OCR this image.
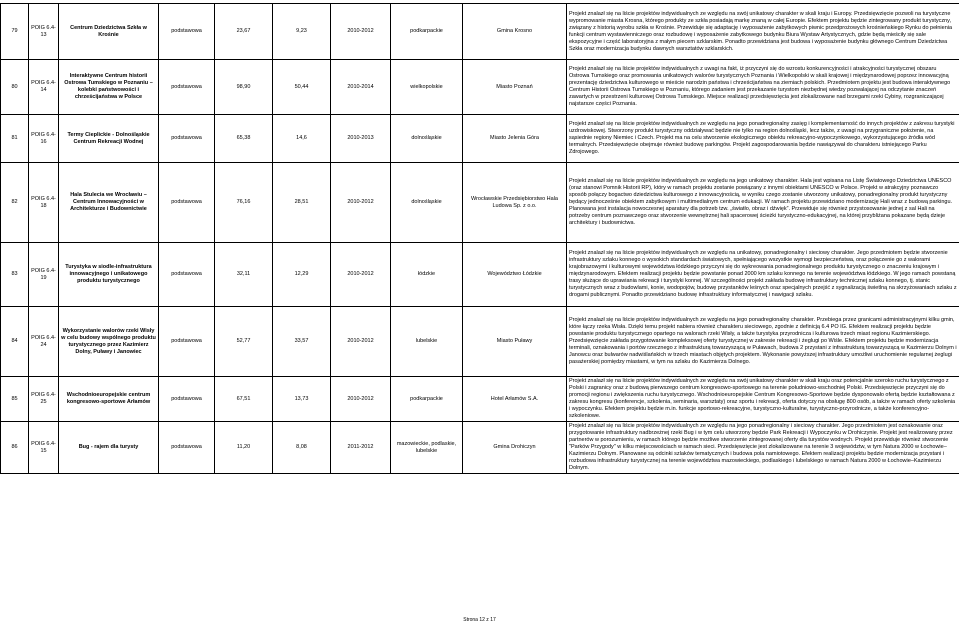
79	POIG 6.4-13	Centrum Dziedzictwa Szkła w Krośnie	podstawowa	23,67	9,23	2010-2012	podkarpackie	Gmina Krosno	Projekt znalazł się na liście projektów indywidualnych ze względu na swój unikatowy charakter w skali kraju i Europy. Przedsięwzięcie pozwoli na turystyczne wypromowanie miasta Krosna, którego produkty ze szkła posiadają markę znaną w całej Europie. Efektem projektu będzie zintegrowany produkt turystyczny, związany z historią wyrobu szkła w Krośnie. Przewiduje się adaptację i wyposażenie zabytkowych piwnic przedprożowych krośnieńskiego Rynku do pełnienia funkcji centrum wystawienniczego oraz rozbudowę i wyposażenie zabytkowego budynku Biura Wystaw Artystycznych, gdzie będą mieściły się sale ekspozycyjne i część laboratoryjna z małym piecem szklarskim. Ponadto przewidziana jest budowa i wyposażenie budynku głównego Centrum Dziedzictwa Szkła oraz modernizacja budynku dawnych warsztatów szklarskich.
80	POIG 6.4-14	Interaktywne Centrum historii Ostrowa Tumskiego w Poznaniu – kolebki państwowości i chrześcijaństwa w Polsce	podstawowa	98,90	50,44	2010-2014	wielkopolskie	Miasto Poznań	Projekt znalazł się na liście projektów indywidualnych z uwagi na fakt, iż przyczyni się do wzrostu konkurencyjności i atrakcyjności turystycznej obszaru Ostrowa Tumskiego oraz promowania unikatowych walorów turystycznych Poznania i Wielkopolski w skali krajowej i międzynarodowej poprzez innowacyjną prezentację dziedzictwa kulturowego w mieście narodzin państwa i chrześcijaństwa na ziemiach polskich. Przedmiotem projektu jest budowa interaktywnego Centrum Historii Ostrowa Tumskiego w Poznaniu, którego zadaniem jest przekazanie turystom niezbędnej wiedzy pozwalającej na odczytanie znaczeń zawartych w przestrzeni kulturowej Ostrowa Tumskiego. Miejsce realizacji przedsięwzięcia jest zlokalizowane nad brzegami rzeki Cybiny, rozgraniczającej najstarsze części Poznania.
81	POIG 6.4-16	Termy Cieplickie - Dolnośląskie Centrum Rekreacji Wodnej	podstawowa	65,38	14,6	2010-2013	dolnośląskie	Miasto Jelenia Góra	Projekt znalazł się na liście projektów indywidualnych ze względu na jego ponadregionalny zasięg i komplementarność do innych projektów z zakresu turystyki uzdrowiskowej. Stworzony produkt turystyczny oddziaływać będzie nie tylko na region dolnośląski, lecz także, z uwagi na przygraniczne położenie, na sąsiednie regiony Niemiec i Czech. Projekt ma na celu stworzenie ekologicznego obiektu rekreacyjno-wypoczynkowego, wykorzystującego źródła wód termalnych. Przedsięwzięcie obejmuje również budowę parkingów. Projekt zagospodarowania będzie nawiązywał do charakteru istniejącego Parku Zdrojowego.
82	POIG 6.4-18	Hala Stulecia we Wrocławiu – Centrum Innowacyjności w Architekturze i Budownictwie	podstawowa	76,16	28,51	2010-2012	dolnośląskie	Wrocławskie Przedsiębiorstwo Hala Ludowa Sp. z o.o.	Projekt znalazł się na liście projektów indywidualnych ze względu na jego unikatowy charakter. Hala jest wpisana na Listę Światowego Dziedzictwa UNESCO (oraz stanowi Pomnik Historii RP), który w ramach projektu zostanie powiązany z innymi obiektami UNESCO w Polsce. Projekt w atrakcyjny poznawczo sposób połączy bogactwo dziedzictwa kulturowego z innowacyjnością, w wyniku czego zostanie utworzony unikatowy, ponadregionalny produkt turystyczny będący jednocześnie obiektem zabytkowym i multimedialnym centrum edukacji. W ramach projektu przewidziano modernizację Hali wraz z budową parkingu. Planowana jest instalacja nowoczesnej aparatury dla potrzeb tzw. „światło, obraz i dźwięk”. Przewiduje się również przystosowanie jednej z sal Hali na potrzeby centrum poznawczego oraz stworzenie wewnętrznej hali spacerowej ścieżki turystyczno-edukacyjnej, na której przybliżana pokazane będą dzieje architektury i budownictwa.
83	POIG 6.4-19	Turystyka w siodle-infrastruktura innowacyjnego i unikatowego produktu turystycznego	podstawowa	32,11	12,29	2010-2012	łódzkie	Województwo Łódzkie	Projekt znalazł się na liście projektów indywidualnych ze względu na unikatowy, ponadregionalny i sieciowy charakter. Jego przedmiotem będzie stworzenie infrastruktury szlaku konnego o wysokich standardach światowych, spełniającego wszystkie wymogi bezpieczeństwa, oraz połączenie go z walorami krajobrazowymi i kulturowymi województwa łódzkiego przyczyni się do wykreowania ponadregionalnego produktu turystycznego o znaczeniu krajowym i międzynarodowym. Efektem realizacji projektu będzie powstanie ponad 2000 km szlaku konnego na terenie województwa łódzkiego. W jego ramach powstaną trasy służące do uprawiania rekreacji i turystyki konnej. W szczególności projekt zakłada budowę infrastruktury technicznej szlaku konnego, tj. stanic turystycznych wraz z budowlami, konie, wodopojów, budowę przystanków leśnych oraz specjalnych przejść z sygnalizacją świetlną na skrzyżowaniach szlaku z drogami publicznymi. Ponadto przewidziano budowę infrastruktury informatycznej i nawigacji szlaku.
84	POIG 6.4-24	Wykorzystanie walorów rzeki Wisły w celu budowy wspólnego produktu turystycznego przez Kazimierz Dolny, Puławy i Janowiec	podstawowa	52,77	33,57	2010-2012	lubelskie	Miasto Puławy	Projekt znalazł się na liście projektów indywidualnych ze względu na jego ponadregionalny charakter. Przebiega przez granicami administracyjnymi kilku gmin, które łączy rzeka Wisła. Dzięki temu projekt nabiera również charakteru sieciowego, zgodnie z definicją 6.4 PO IG. Efektem realizacji projektu będzie powstanie produktu turystycznego opartego na walorach rzeki Wisły, a także turystyka przyrodnicza i kulturowa trzech miast regionu Kazimierskiego. Przedsięwzięcie zakłada przygotowanie kompleksowej oferty turystycznej w zakresie rekreacji i żeglugi po Wiśle. Efektem projektu będzie modernizacja terminali, oznakowania i portów rzecznego z infrastrukturą towarzyszącą w Puławach, budowa 2 przystani z infrastrukturą towarzyszącą w Kazimierzu Dolnym i Janowcu oraz bulwarów nadwiślańskich w trzech miastach objętych projektem. Wykonanie powyższej infrastruktury umożliwi uruchomienie regularnej żeglugi pasażerskiej pomiędzy miastami, w tym na szlaku do Kazimierza Dolnego.
85	POIG 6.4-25	Wschodnioeuropejskie centrum kongresowo-sportowe Arłamów	podstawowa	67,51	13,73	2010-2012	podkarpackie	Hotel Arłamów S.A.	Projekt znalazł się na liście projektów indywidualnych ze względu na swój unikatowy charakter w skali kraju oraz potencjalnie szeroko ruchu turystycznego z Polski i zagranicy oraz z budową pierwszego centrum kongresowo-sportowego na terenie południowo-wschodniej Polski. Przedsięwzięcie przyczyni się do promocji regionu i zwiększenia ruchu turystycznego. Wschodnioeuropejskie Centrum Kongresowo-Sportowe będzie dysponowało ofertą będzie kształtowana z zakresu kongresu (konferencje, szkolenia, seminaria, warsztaty) oraz sportu i rekreacji, oferta dotyczy na obsługę 800 osób, a także w ramach oferty szkolenia i wypoczynku. Efektem projektu będzie m.in. funkcje sportowo-rekreacyjne, turystyczno-kulturalne, turystyczno-przyrodnicze, a także konferencyjno-szkoleniowe.
86	POIG 6.4-15	Bug - rajem dla turysty	podstawowa	11,20	8,08	2011-2012	mazowieckie, podlaskie, lubelskie	Gmina Drohiczyn	Projekt znalazł się na liście projektów indywidualnych ze względu na jego ponadregionalny i sieciowy charakter. Jego przedmiotem jest oznakowanie oraz przygotowanie infrastruktury nadbrzeżnej rzeki Bug i w tym celu utworzony będzie Park Rekreacji i Wypoczynku w Drohiczynie. Projekt jest realizowany przez partnerów w porozumieniu, w ramach którego będzie możliwe stworzenie zintegrowanej oferty dla turystów wodnych. Projekt przewiduje również stworzenie "Parków Przygody" w kilku miejscowościach w ramach sieci. Przedsięwzięcie jest zlokalizowane na terenie 3 województw, w tym Natura 2000 w Łochowie–Kazimierzu Dolnym. Planowane są odcinki szlaków tematycznych i budowa pola namiotowego. Efektem realizacji projektu będzie modernizacja przystani i rozbudowa infrastruktury turystycznej na terenie województwa mazowieckiego, podlaskiego i lubelskiego w ramach Natura 2000 w Łochowie–Kazimierzu Dolnym.
Strona 12 z 17
